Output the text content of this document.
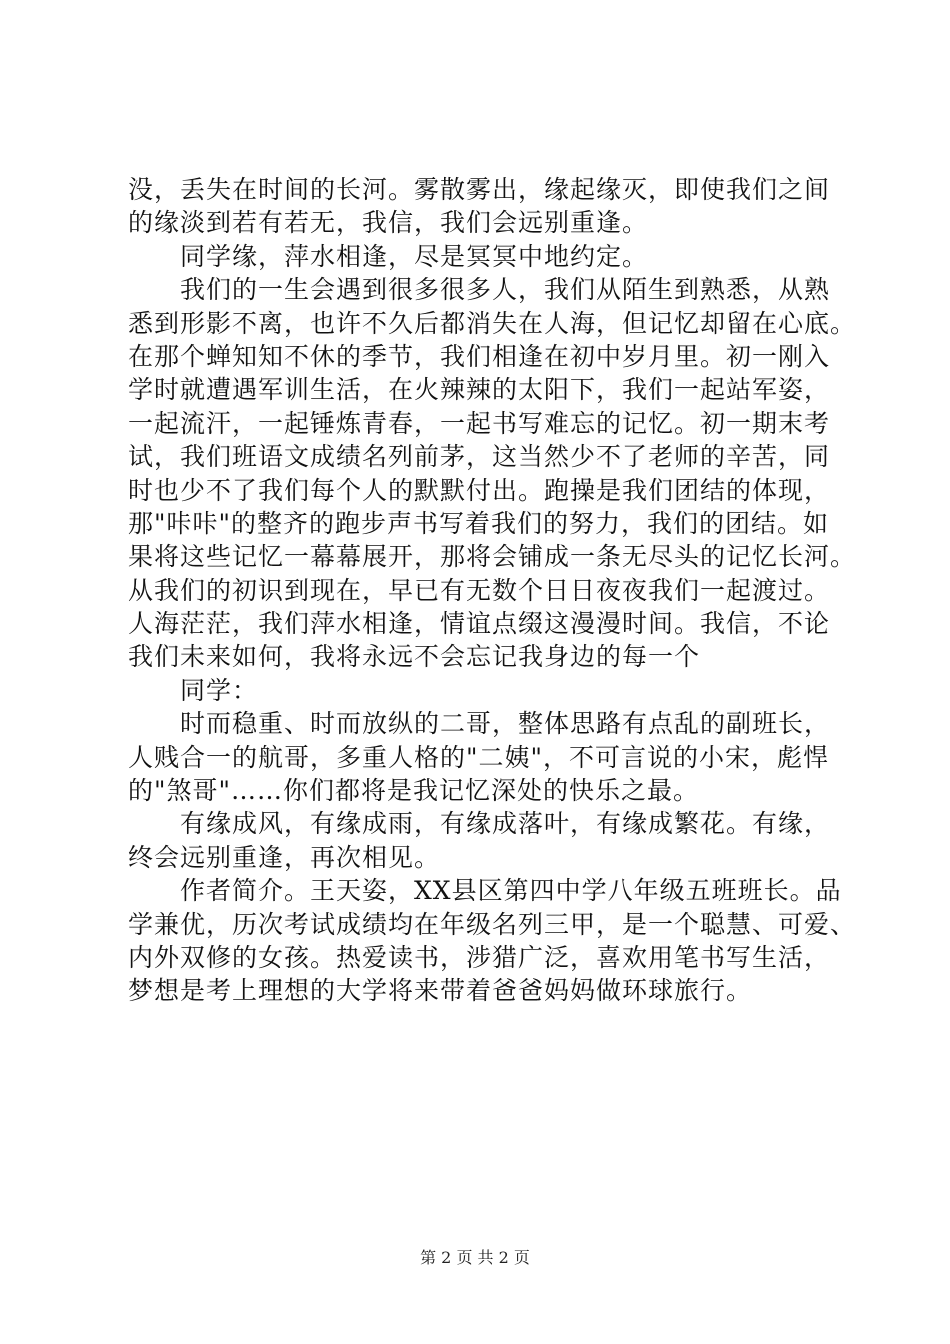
没，丢失在时间的长河。雾散雾出，缘起缘灭，即使我们之间
的缘淡到若有若无，我信，我们会远别重逢。
同学缘，萍水相逢，尽是冥冥中地约定。
我们的一生会遇到很多很多人，我们从陌生到熟悉，从熟
悉到形影不离，也许不久后都消失在人海，但记忆却留在心底。
在那个蝉知知不休的季节，我们相逢在初中岁月里。初一刚入
学时就遭遇军训生活，在火辣辣的太阳下，我们一起站军姿，
一起流汗，一起锤炼青春，一起书写难忘的记忆。初一期末考
试，我们班语文成绩名列前茅，这当然少不了老师的辛苦，同
时也少不了我们每个人的默默付出。跑操是我们团结的体现，
那"咔咔"的整齐的跑步声书写着我们的努力，我们的团结。如
果将这些记忆一幕幕展开，那将会铺成一条无尽头的记忆长河。
从我们的初识到现在，早已有无数个日日夜夜我们一起渡过。
人海茫茫，我们萍水相逢，情谊点缀这漫漫时间。我信，不论
我们未来如何，我将永远不会忘记我身边的每一个
同学：
时而稳重、时而放纵的二哥，整体思路有点乱的副班长，
人贱合一的航哥，多重人格的"二姨"，不可言说的小宋，彪悍
的"煞哥"……你们都将是我记忆深处的快乐之最。
有缘成风，有缘成雨，有缘成落叶，有缘成繁花。有缘，
终会远别重逢，再次相见。
作者简介。王天姿，XX县区第四中学八年级五班班长。品
学兼优，历次考试成绩均在年级名列三甲，是一个聪慧、可爱、
内外双修的女孩。热爱读书，涉猎广泛，喜欢用笔书写生活，
梦想是考上理想的大学将来带着爸爸妈妈做环球旅行。
第 2 页 共 2 页
